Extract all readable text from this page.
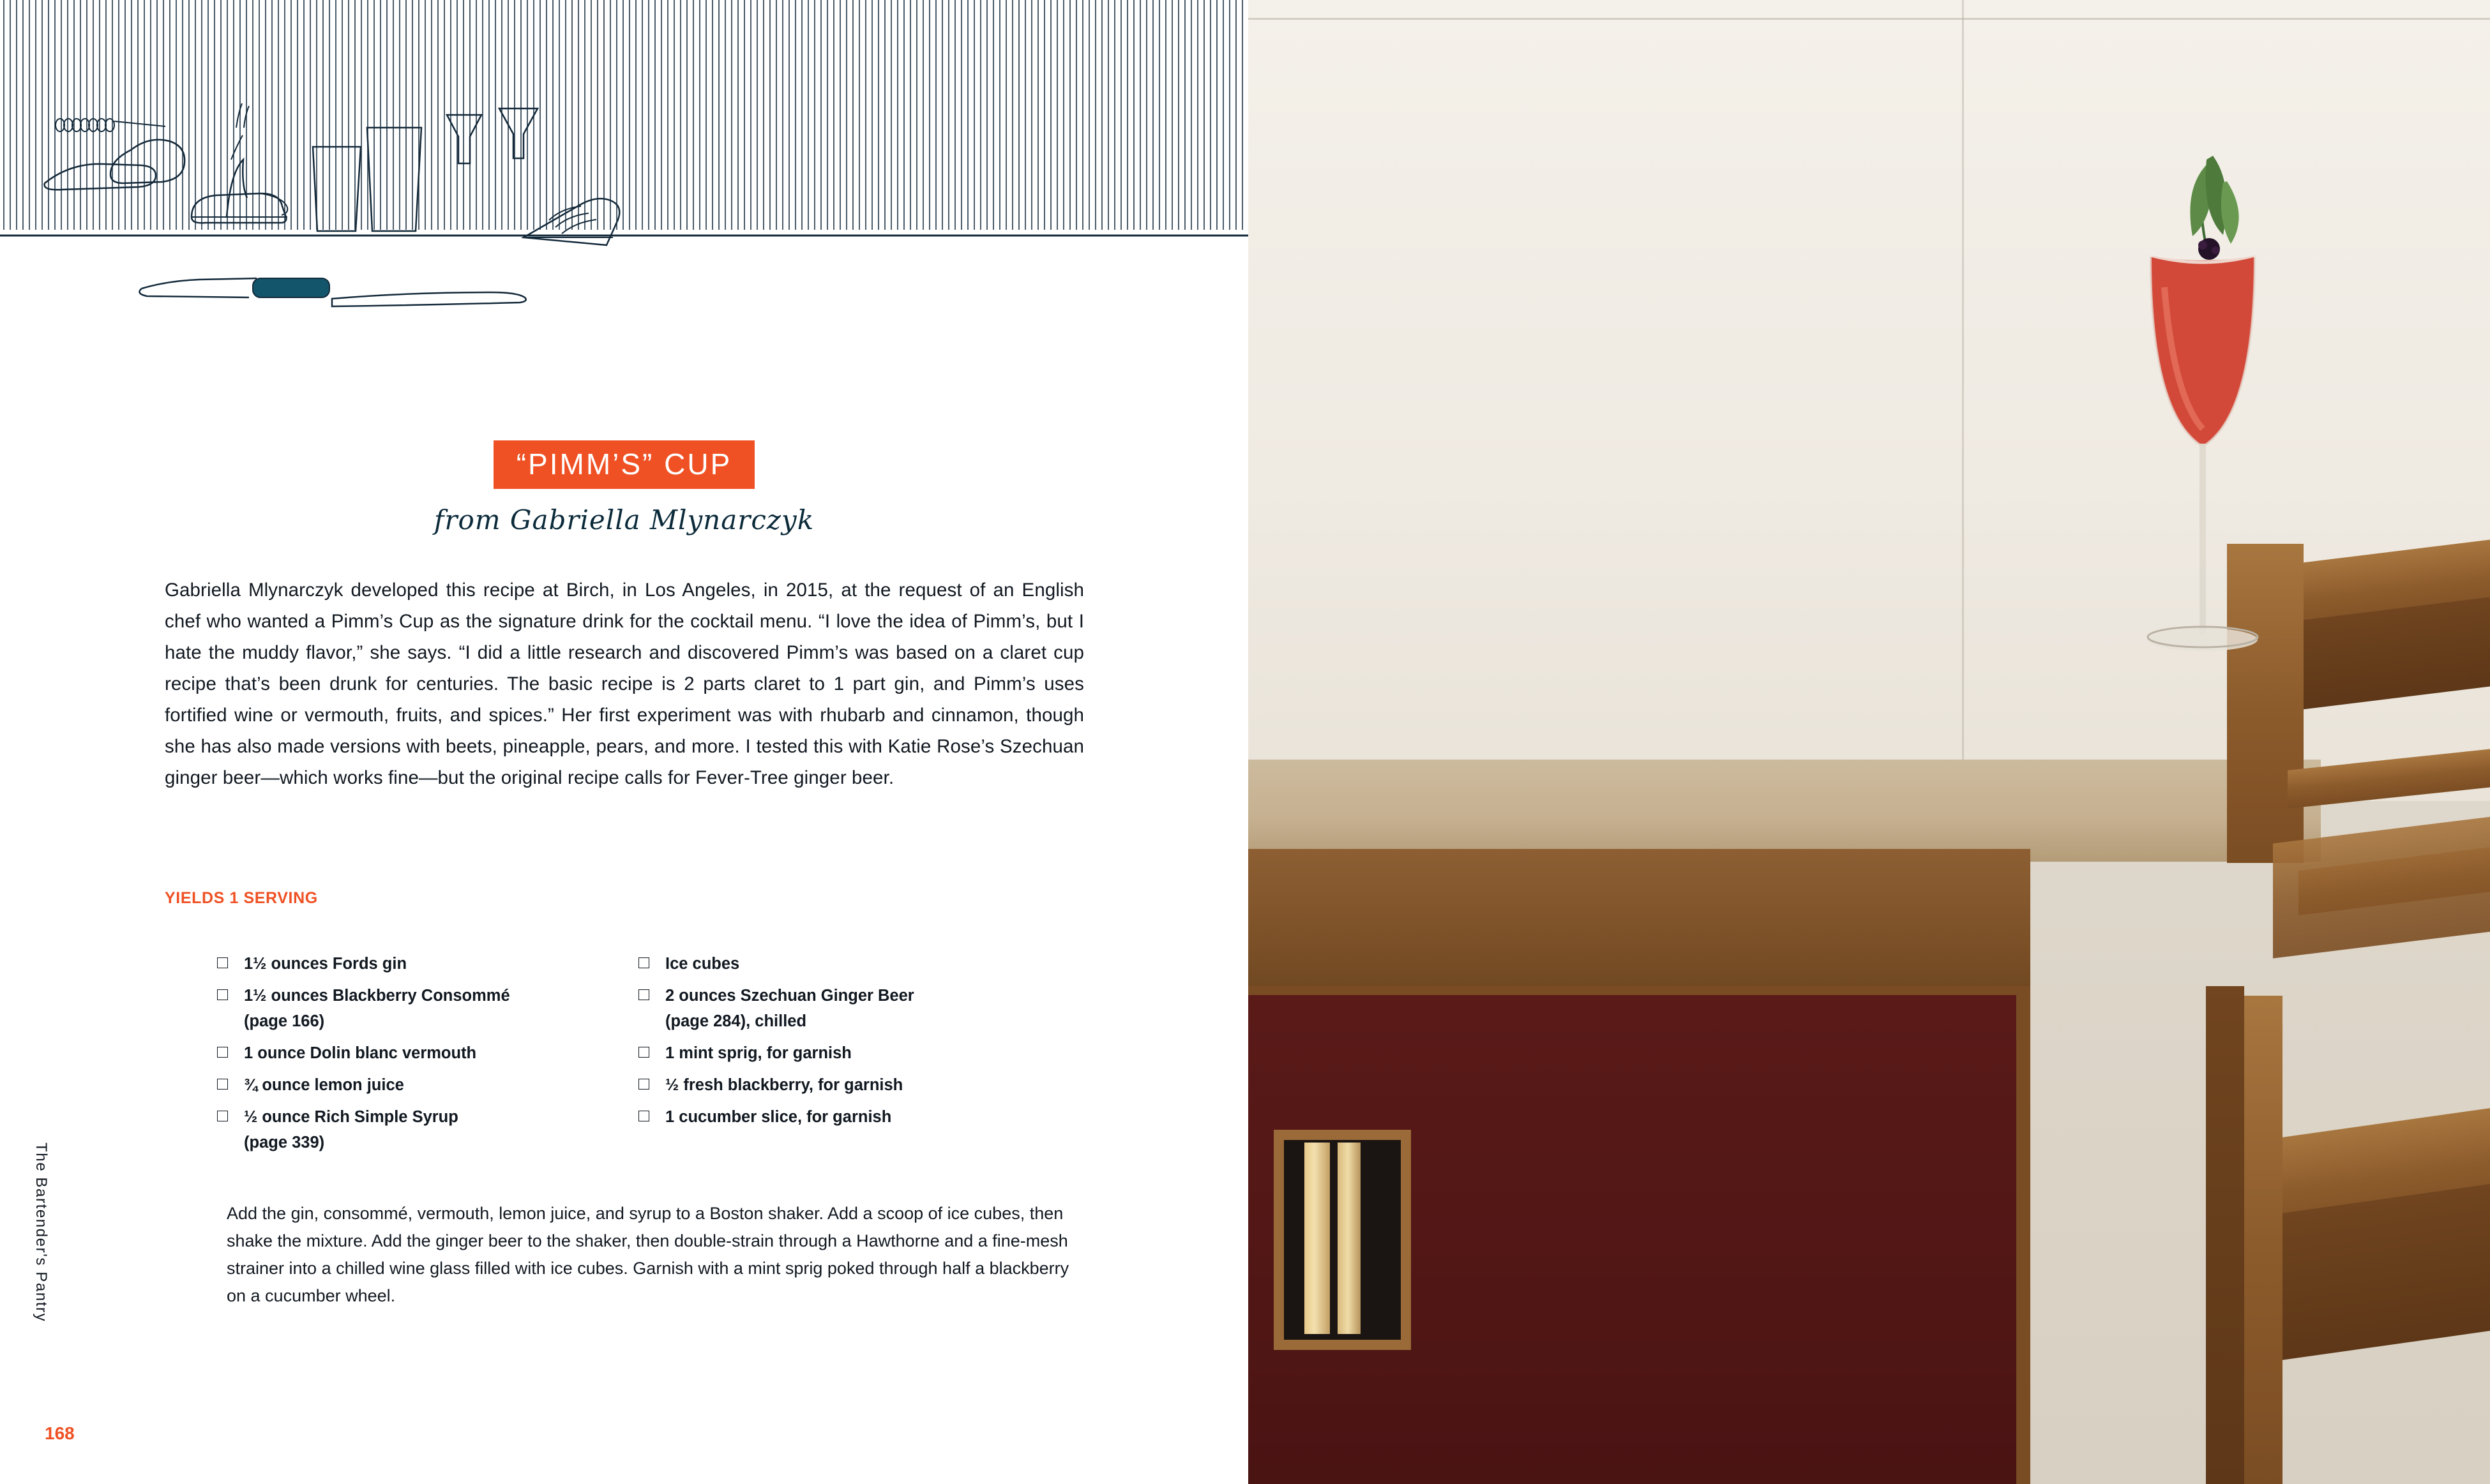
“PIMM’S” CUP
from Gabriella Mlynarczyk
Gabriella Mlynarczyk developed this recipe at Birch, in Los Angeles, in 2015, at the request of an English chef who wanted a Pimm’s Cup as the signature drink for the cocktail menu. “I love the idea of Pimm’s, but I hate the muddy flavor,” she says. “I did a little research and discovered Pimm’s was based on a claret cup recipe that’s been drunk for centuries. The basic recipe is 2 parts claret to 1 part gin, and Pimm’s uses fortified wine or vermouth, fruits, and spices.” Her first experiment was with rhubarb and cinnamon, though she has also made versions with beets, pineapple, pears, and more. I tested this with Katie Rose’s Szechuan ginger beer—which works fine—but the original recipe calls for Fever-Tree ginger beer.
YIELDS 1 SERVING
1½ ounces Fords gin
1½ ounces Blackberry Consommé
(page 166)
1 ounce Dolin blanc vermouth
¾ ounce lemon juice
½ ounce Rich Simple Syrup
(page 339)
Ice cubes
2 ounces Szechuan Ginger Beer
(page 284), chilled
1 mint sprig, for garnish
½ fresh blackberry, for garnish
1 cucumber slice, for garnish
Add the gin, consommé, vermouth, lemon juice, and syrup to a Boston shaker. Add a scoop of ice cubes, then shake the mixture. Add the ginger beer to the shaker, then double-strain through a Hawthorne and a fine-mesh strainer into a chilled wine glass filled with ice cubes. Garnish with a mint sprig poked through half a blackberry on a cucumber wheel.
The Bartender's Pantry
168
